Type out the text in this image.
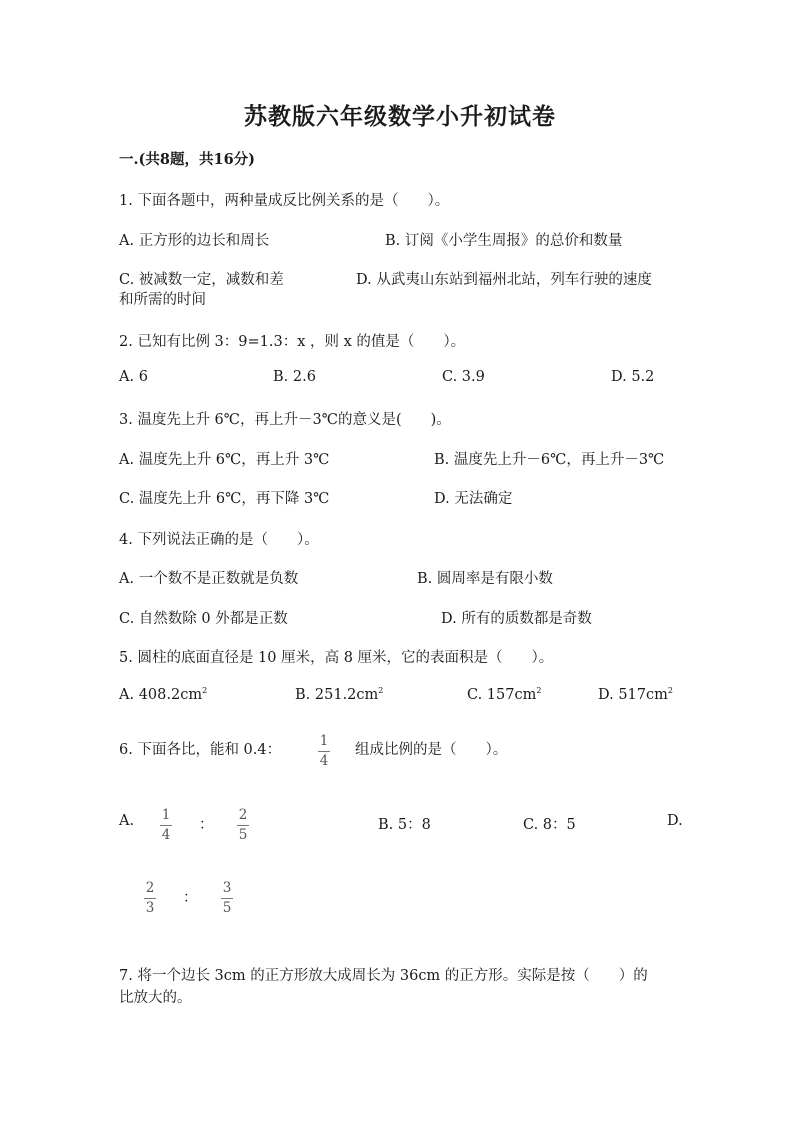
苏教版六年级数学小升初试卷
一.(共8题，共16分)
1. 下面各题中，两种量成反比例关系的是（　　）。
A. 正方形的边长和周长	B. 订阅《小学生周报》的总价和数量
C. 被减数一定，减数和差	D. 从武夷山东站到福州北站，列车行驶的速度
和所需的时间
2. 已知有比例 3：9=1.3：x ，则 x 的值是（　　）。
A. 6	B. 2.6	C. 3.9	D. 5.2
3. 温度先上升 6℃，再上升－3℃的意义是(　　)。
A. 温度先上升 6℃，再上升 3℃	B. 温度先上升－6℃，再上升－3℃
C. 温度先上升 6℃，再下降 3℃	D. 无法确定
4. 下列说法正确的是（　　）。
A. 一个数不是正数就是负数	B. 圆周率是有限小数
C. 自然数除 0 外都是正数	D. 所有的质数都是奇数
5. 圆柱的底面直径是 10 厘米，高 8 厘米，它的表面积是（　　）。
A. $408.2cm^2$	B. $251.2cm^2$	C. $157cm^2$	D. $517cm^2$
6. 下面各比，能和 0.4：
1
4
组成比例的是（　　）。
A. 1
4
：
2
5
B. 5：8	C. 8：5	D.
2
3
：
3
5
7. 将一个边长 3cm 的正方形放大成周长为 36cm 的正方形。实际是按（　　）的
比放大的。
